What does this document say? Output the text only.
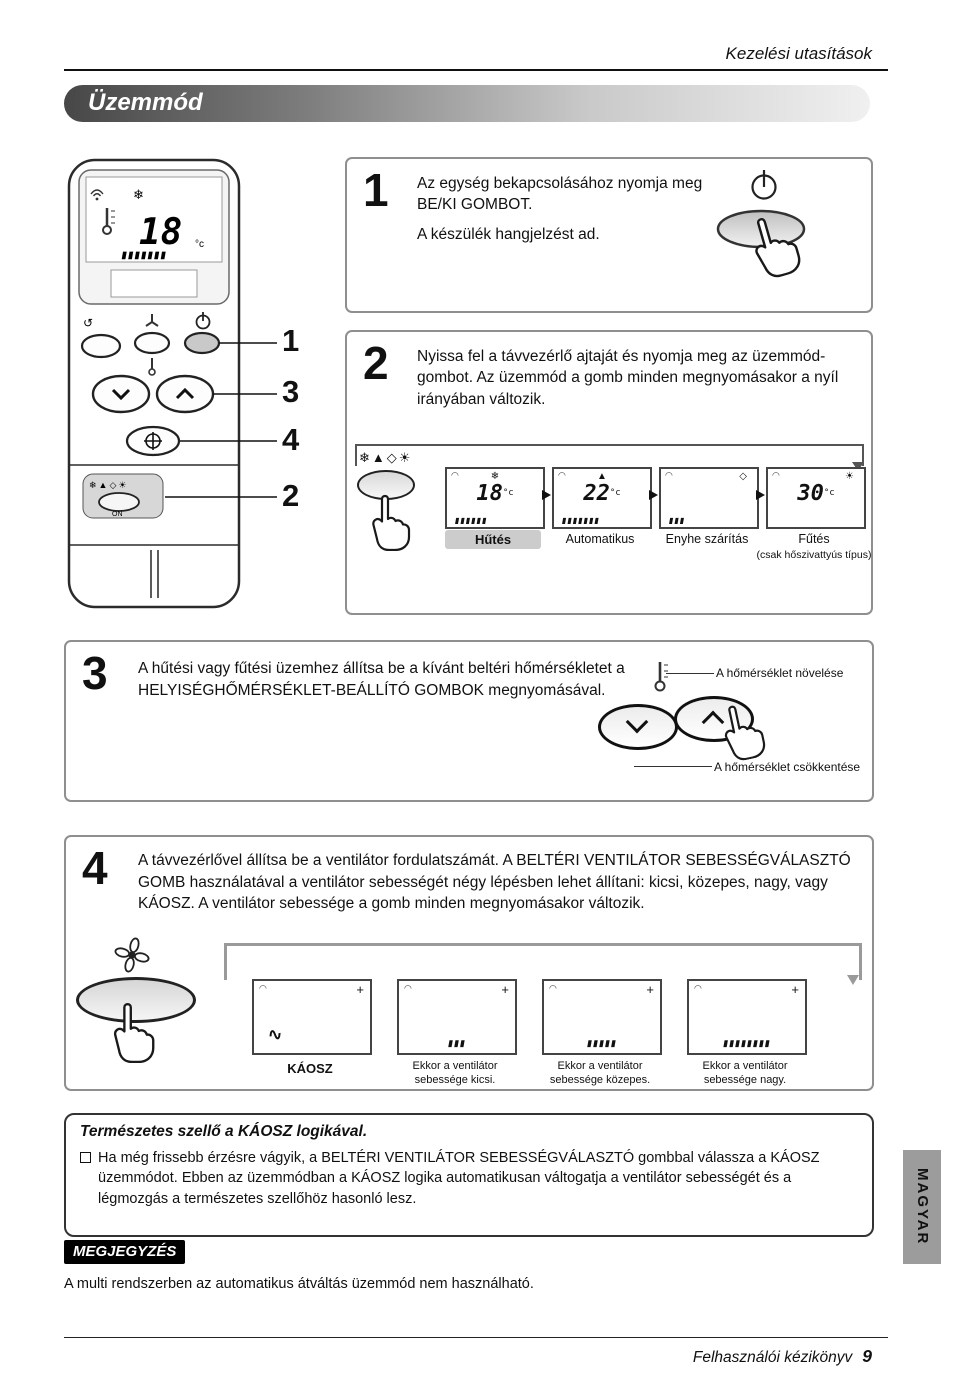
Kezelési utasítások
Üzemmód
❄
18 °c
▮▮▮▮▮▮▮
↺
❄▲◇☀
ON
1
3
4
2
1 Az egység bekapcsolásához nyomja meg BE/KI GOMBOT.

A készülék hangjelzést ad.

2 Nyissa fel a távvezérlő ajtaját és nyomja meg az üzemmód-gombot. Az üzemmód a gomb minden megnyomásakor a nyíl irányában változik.
❄▲◇☀
◠	❄
$18^{^\circ c}$
▮▮▮▮▮▮
◠	▲
$22^{^\circ c}$
▮▮▮▮▮▮▮
◠	◇
▮▮▮
◠	☀
$30^{^\circ c}$
Hűtés	Automatikus	Enyhe szárítás	Fűtés
(csak hőszivattyús típus)
3 A hűtési vagy fűtési üzemhez állítsa be a kívánt beltéri hőmérsékletet a HELYISÉGHŐMÉRSÉKLET-BEÁLLÍTÓ GOMBOK megnyomásával.
A hőmérséklet növelése
A hőmérséklet csökkentése
4 A távvezérlővel állítsa be a ventilátor fordulatszámát. A BELTÉRI VENTILÁTOR SEBESSÉGVÁLASZTÓ GOMB használatával a ventilátor sebességét négy lépésben lehet állítani: kicsi, közepes, nagy, vagy KÁOSZ. A ventilátor sebessége a gomb minden megnyomásakor változik.
◠	+
∿
◠	+
▮▮▮
◠	+
▮▮▮▮▮
◠	+
▮▮▮▮▮▮▮▮
KÁOSZ	Ekkor a ventilátor
sebessége kicsi.
Ekkor a ventilátor
sebessége közepes.
Ekkor a ventilátor
sebessége nagy.
Természetes szellő a KÁOSZ logikával.
Ha még frissebb érzésre vágyik, a BELTÉRI VENTILÁTOR SEBESSÉGVÁLASZTÓ gombbal válassza a KÁOSZ üzemmódot. Ebben az üzemmódban a KÁOSZ logika automatikusan váltogatja a ventilátor sebességét és a légmozgás a természetes szellőhöz hasonló lesz.
MEGJEGYZÉS
A multi rendszerben az automatikus átváltás üzemmód nem használható.
Felhasználói kézikönyv 9
MAGYAR
